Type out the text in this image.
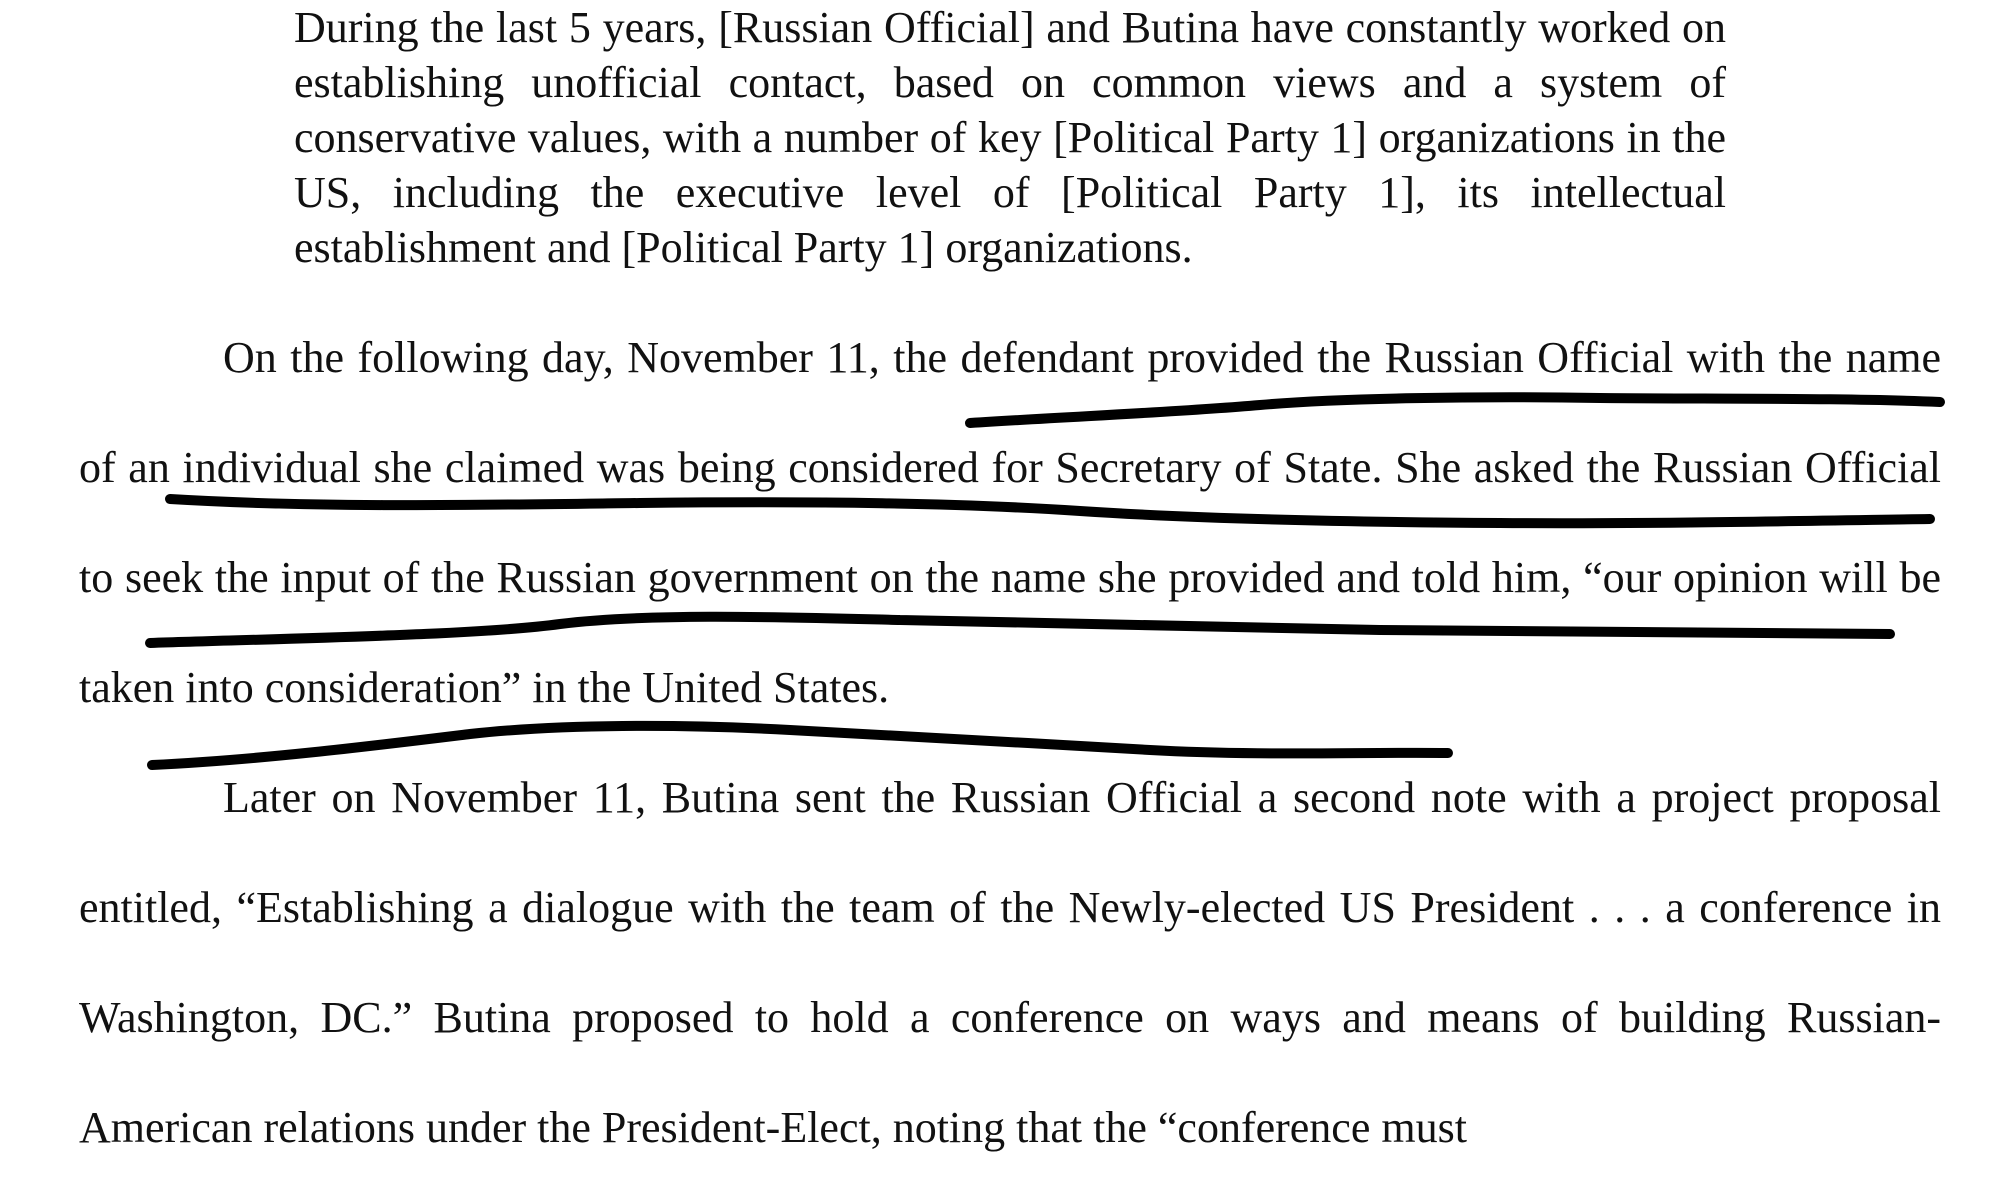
During the last 5 years, [Russian Official] and Butina have constantly worked on establishing unofficial contact, based on common views and a system of conservative values, with a number of key [Political Party 1] organizations in the US, including the executive level of [Political Party 1], its intellectual establishment and [Political Party 1] organizations.
On the following day, November 11, the defendant provided the Russian Official with the name of an individual she claimed was being considered for Secretary of State. She asked the Russian Official to seek the input of the Russian government on the name she provided and told him, “our opinion will be taken into consideration” in the United States.
Later on November 11, Butina sent the Russian Official a second note with a project proposal entitled, “Establishing a dialogue with the team of the Newly-elected US President . . . a conference in Washington, DC.” Butina proposed to hold a conference on ways and means of building Russian-American relations under the President-Elect, noting that the “conference must
